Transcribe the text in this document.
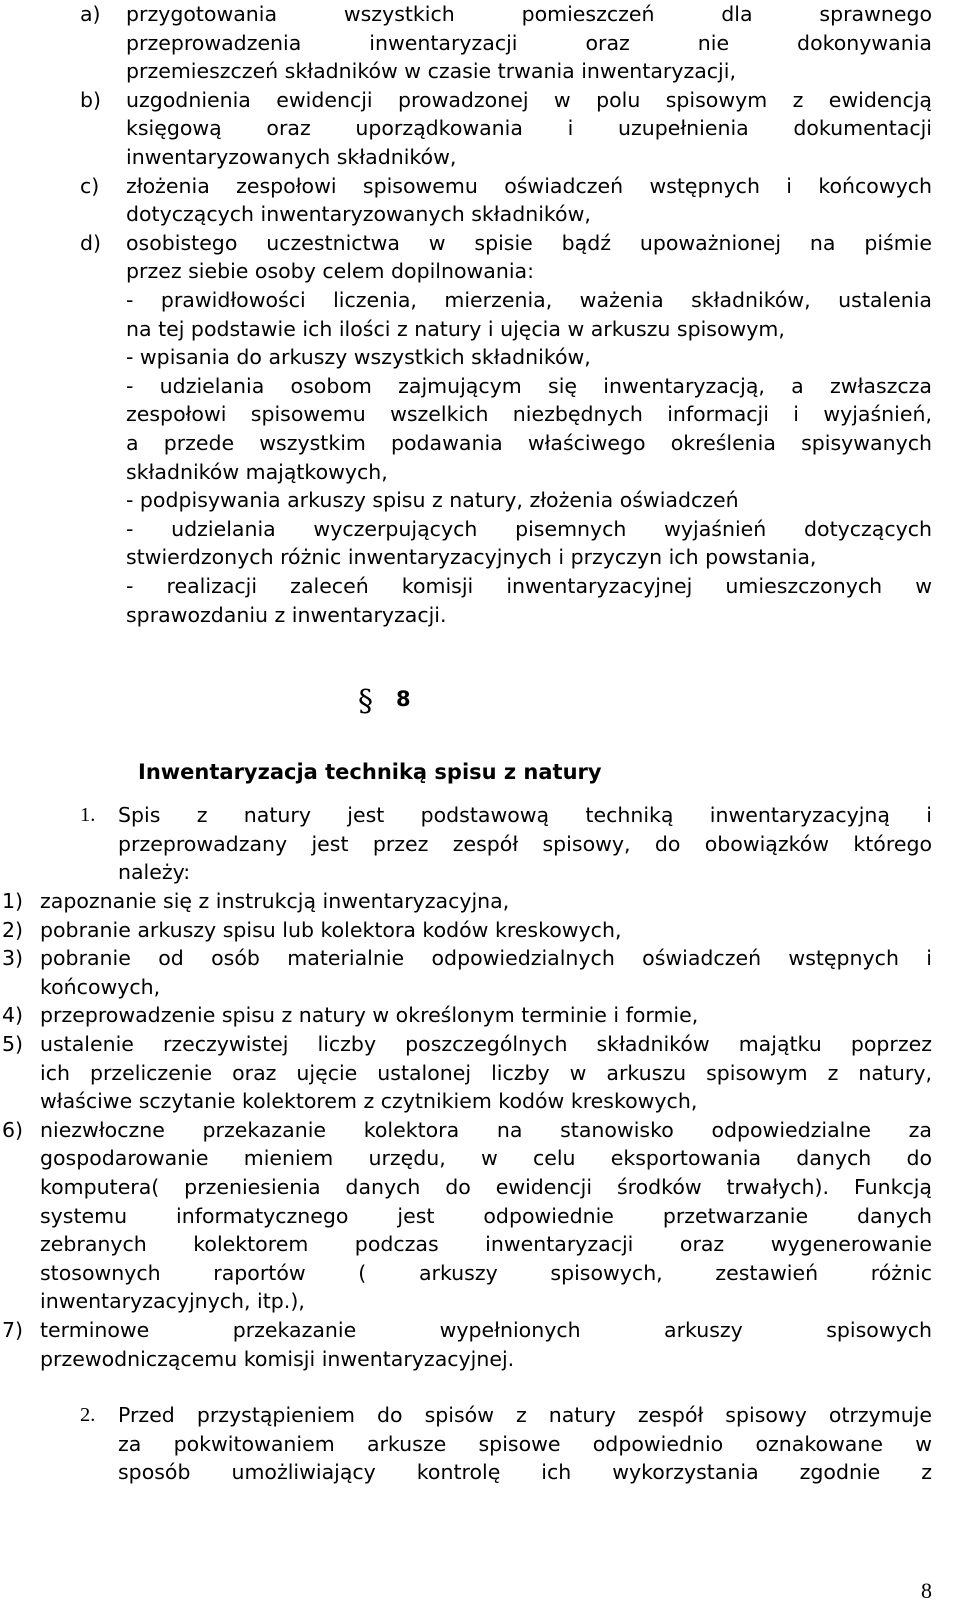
a) przygotowania wszystkich pomieszczeń dla sprawnego
przeprowadzenia inwentaryzacji oraz nie dokonywania
przemieszczeń składników w czasie trwania inwentaryzacji,
b) uzgodnienia ewidencji prowadzonej w polu spisowym z ewidencją
księgową oraz uporządkowania i uzupełnienia dokumentacji
inwentaryzowanych składników,
c) złożenia zespołowi spisowemu oświadczeń wstępnych i końcowych
dotyczących inwentaryzowanych składników,
d) osobistego uczestnictwa w spisie bądź upoważnionej na piśmie
przez siebie osoby celem dopilnowania:
- prawidłowości liczenia, mierzenia, ważenia składników, ustalenia
na tej podstawie ich ilości z natury i ujęcia w arkuszu spisowym,
- wpisania do arkuszy wszystkich składników,
- udzielania osobom zajmującym się inwentaryzacją, a zwłaszcza
zespołowi spisowemu wszelkich niezbędnych informacji i wyjaśnień,
a przede wszystkim podawania właściwego określenia spisywanych
składników majątkowych,
- podpisywania arkuszy spisu z natury, złożenia oświadczeń
- udzielania wyczerpujących pisemnych wyjaśnień dotyczących
stwierdzonych różnic inwentaryzacyjnych i przyczyn ich powstania,
- realizacji zaleceń komisji inwentaryzacyjnej umieszczonych w
sprawozdaniu z inwentaryzacji.
§ 8
Inwentaryzacja techniką spisu z natury
1. Spis z natury jest podstawową techniką inwentaryzacyjną i
przeprowadzany jest przez zespół spisowy, do obowiązków którego
należy:
1) zapoznanie się z instrukcją inwentaryzacyjna,
2) pobranie arkuszy spisu lub kolektora kodów kreskowych,
3) pobranie od osób materialnie odpowiedzialnych oświadczeń wstępnych i
końcowych,
4) przeprowadzenie spisu z natury w określonym terminie i formie,
5) ustalenie rzeczywistej liczby poszczególnych składników majątku poprzez
ich przeliczenie oraz ujęcie ustalonej liczby w arkuszu spisowym z natury,
właściwe sczytanie kolektorem z czytnikiem kodów kreskowych,
6) niezwłoczne przekazanie kolektora na stanowisko odpowiedzialne za
gospodarowanie mieniem urzędu, w celu eksportowania danych do
komputera( przeniesienia danych do ewidencji środków trwałych). Funkcją
systemu informatycznego jest odpowiednie przetwarzanie danych
zebranych kolektorem podczas inwentaryzacji oraz wygenerowanie
stosownych raportów ( arkuszy spisowych, zestawień różnic
inwentaryzacyjnych, itp.),
7) terminowe przekazanie wypełnionych arkuszy spisowych
przewodniczącemu komisji inwentaryzacyjnej.
2. Przed przystąpieniem do spisów z natury zespół spisowy otrzymuje
za pokwitowaniem arkusze spisowe odpowiednio oznakowane w
sposób umożliwiający kontrolę ich wykorzystania zgodnie z
8
